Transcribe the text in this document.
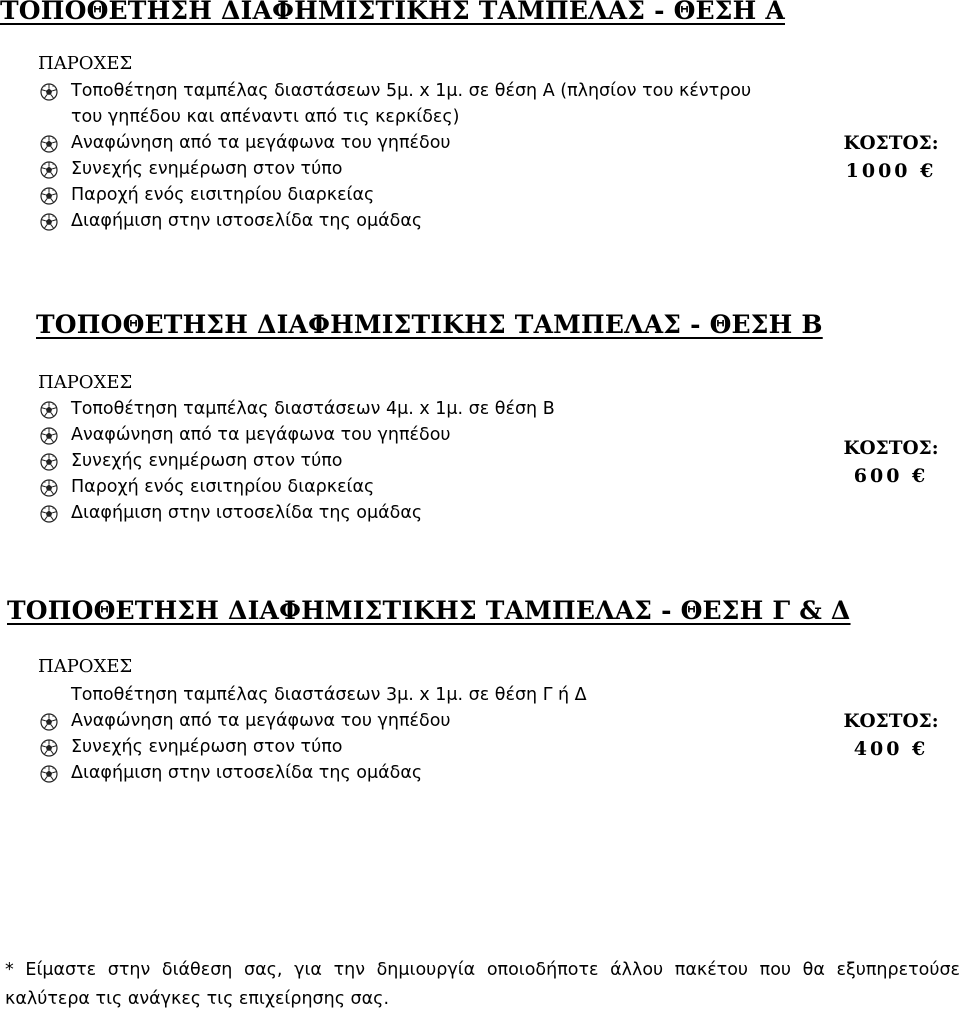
ΤΟΠΟΘΕΤΗΣΗ ΔΙΑΦΗΜΙΣΤΙΚΗΣ ΤΑΜΠΕΛΑΣ - ΘΕΣΗ Α
ΠΑΡΟΧΕΣ
Τοποθέτηση ταμπέλας διαστάσεων 5μ. x 1μ. σε θέση Α (πλησίον του κέντρου του γηπέδου και απέναντι από τις κερκίδες)
Αναφώνηση από τα μεγάφωνα του γηπέδου
Συνεχής ενημέρωση στον τύπο
Παροχή ενός εισιτηρίου διαρκείας
Διαφήμιση στην ιστοσελίδα της ομάδας
ΚΟΣΤΟΣ:
1000 €
ΤΟΠΟΘΕΤΗΣΗ ΔΙΑΦΗΜΙΣΤΙΚΗΣ ΤΑΜΠΕΛΑΣ - ΘΕΣΗ Β
ΠΑΡΟΧΕΣ
Τοποθέτηση ταμπέλας διαστάσεων 4μ. x 1μ. σε θέση Β
Αναφώνηση από τα μεγάφωνα του γηπέδου
Συνεχής ενημέρωση στον τύπο
Παροχή ενός εισιτηρίου διαρκείας
Διαφήμιση στην ιστοσελίδα της ομάδας
ΚΟΣΤΟΣ:
600 €
ΤΟΠΟΘΕΤΗΣΗ ΔΙΑΦΗΜΙΣΤΙΚΗΣ ΤΑΜΠΕΛΑΣ - ΘΕΣΗ Γ & Δ
ΠΑΡΟΧΕΣ
Τοποθέτηση ταμπέλας διαστάσεων 3μ. x 1μ. σε θέση Γ ή Δ
Αναφώνηση από τα μεγάφωνα του γηπέδου
Συνεχής ενημέρωση στον τύπο
Διαφήμιση στην ιστοσελίδα της ομάδας
ΚΟΣΤΟΣ:
400 €

* Είμαστε στην διάθεση σας, για την δημιουργία οποιοδήποτε άλλου πακέτου που θα εξυπηρετούσε καλύτερα τις ανάγκες τις επιχείρησης σας.
